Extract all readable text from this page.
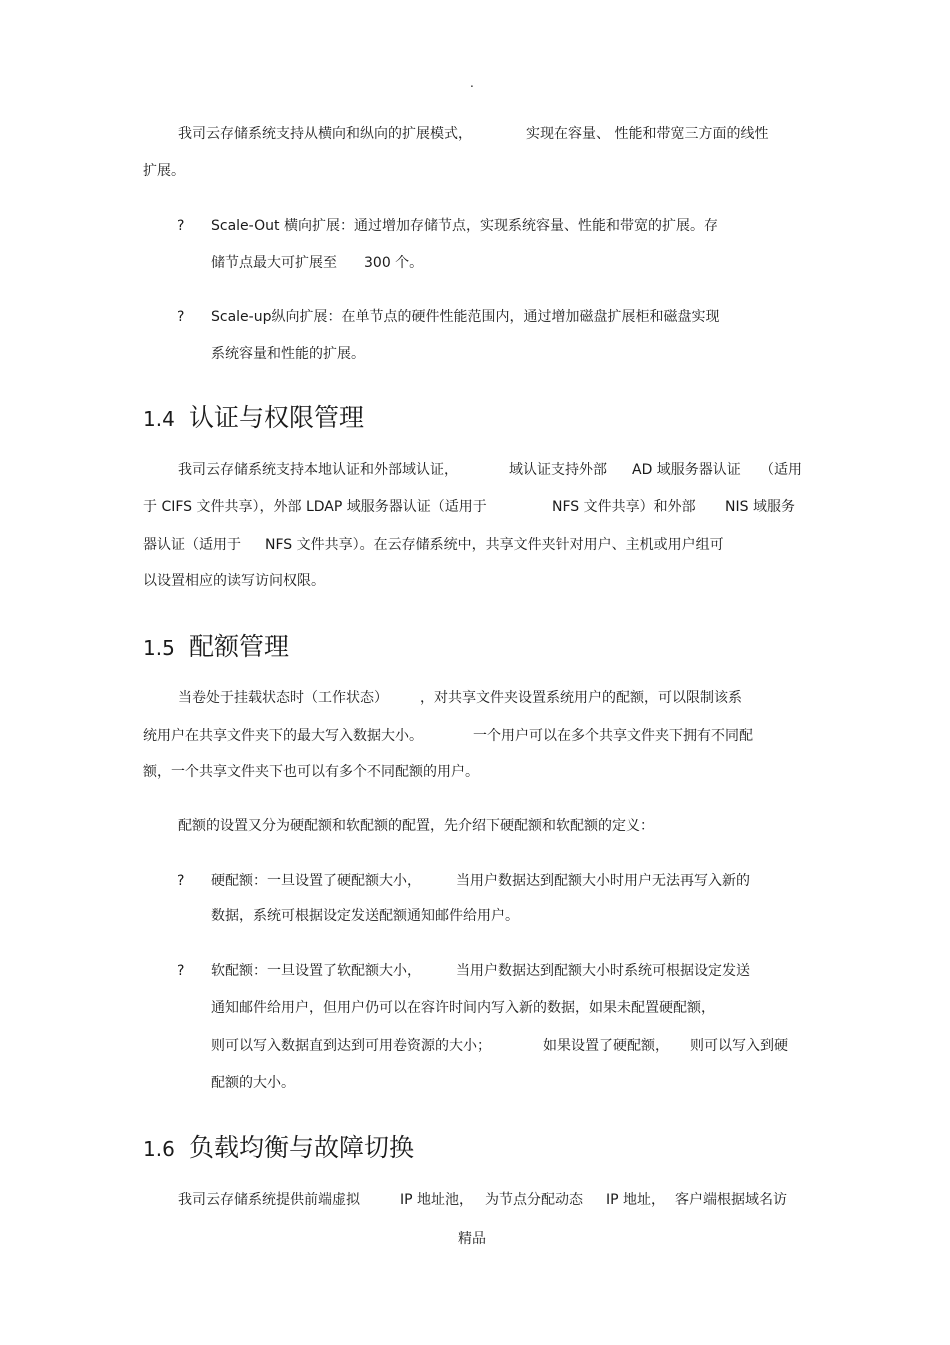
.
我司云存储系统支持从横向和纵向的扩展模式，	实现在容量、 性能和带宽三方面的线性
扩展。
? Scale-Out 横向扩展：通过增加存储节点，实现系统容量、性能和带宽的扩展。存
储节点最大可扩展至 300 个。
? Scale-up纵向扩展：在单节点的硬件性能范围内，通过增加磁盘扩展柜和磁盘实现
系统容量和性能的扩展。
1.4 认证与权限管理
我司云存储系统支持本地认证和外部域认证，	域认证支持外部 AD 域服务器认证 （适用
于 CIFS 文件共享），外部 LDAP 域服务器认证（适用于	NFS 文件共享）和外部 NIS 域服务
器认证（适用于 NFS 文件共享）。在云存储系统中，共享文件夹针对用户、主机或用户组可
以设置相应的读写访问权限。
1.5 配额管理
当卷处于挂载状态时（工作状态） ，对共享文件夹设置系统用户的配额，可以限制该系
统用户在共享文件夹下的最大写入数据大小。	一个用户可以在多个共享文件夹下拥有不同配
额，一个共享文件夹下也可以有多个不同配额的用户。
配额的设置又分为硬配额和软配额的配置，先介绍下硬配额和软配额的定义：
? 硬配额：一旦设置了硬配额大小，	当用户数据达到配额大小时用户无法再写入新的
数据，系统可根据设定发送配额通知邮件给用户。
? 软配额：一旦设置了软配额大小，	当用户数据达到配额大小时系统可根据设定发送
通知邮件给用户，但用户仍可以在容许时间内写入新的数据，如果未配置硬配额，
则可以写入数据直到达到可用卷资源的大小；	如果设置了硬配额， 则可以写入到硬
配额的大小。
1.6 负载均衡与故障切换
我司云存储系统提供前端虚拟	IP 地址池， 为节点分配动态 IP 地址， 客户端根据域名访
精品
